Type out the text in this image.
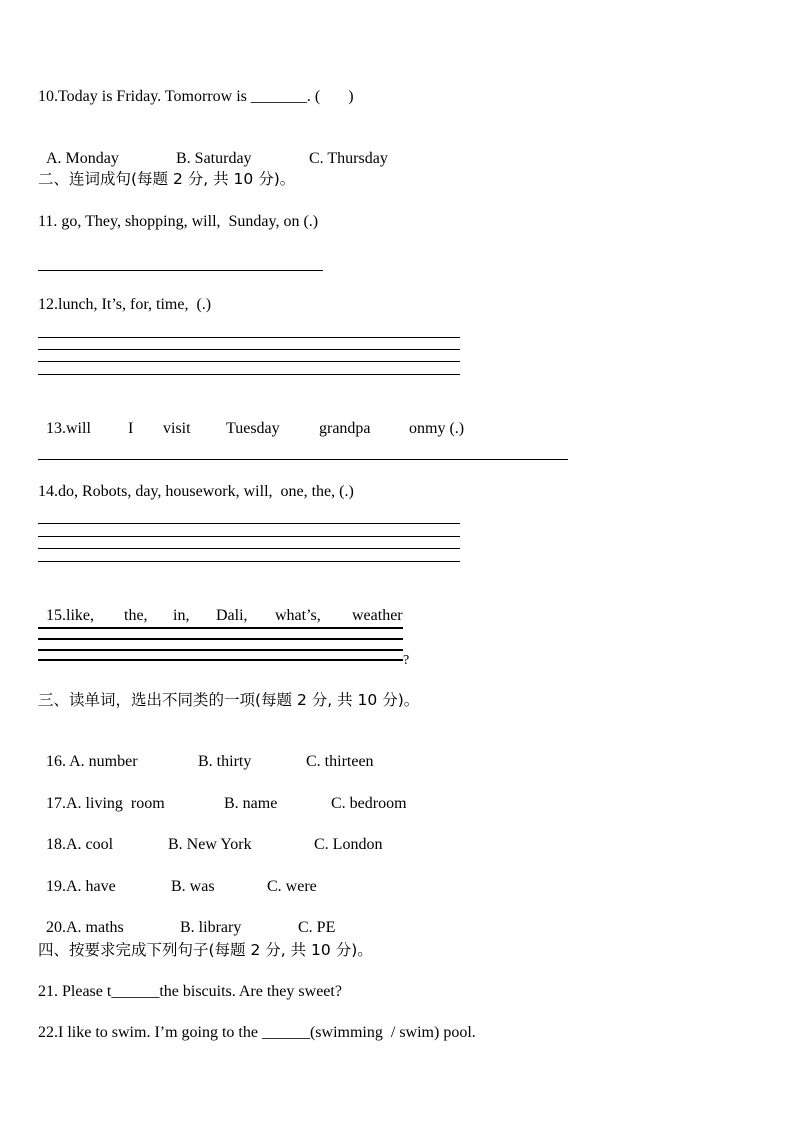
10.Today is Friday. Tomorrow is _______. (       )

A. Monday	B. Saturday	C. Thursday

二、连词成句(每题 2 分, 共 10 分)。
11. go, They, shopping, will,  Sunday, on (.)
12.lunch, It’s, for, time,  (.)

13.will I visit Tuesday grandpa onmy (.)

14.do, Robots, day, housework, will,  one, the, (.)

15.like, the, in, Dali, what’s, weather

?
三、读单词，选出不同类的一项(每题 2 分, 共 10 分)。

16. A. number	B. thirty	C. thirteen

17.A. living  room	B. name	C. bedroom

18.A. cool	B. New York	C. London

19.A. have	B. was	C. were

20.A. maths	B. library	C. PE

四、按要求完成下列句子(每题 2 分, 共 10 分)。
21. Please t______the biscuits. Are they sweet?
22.I like to swim. I’m going to the ______(swimming  / swim) pool.
